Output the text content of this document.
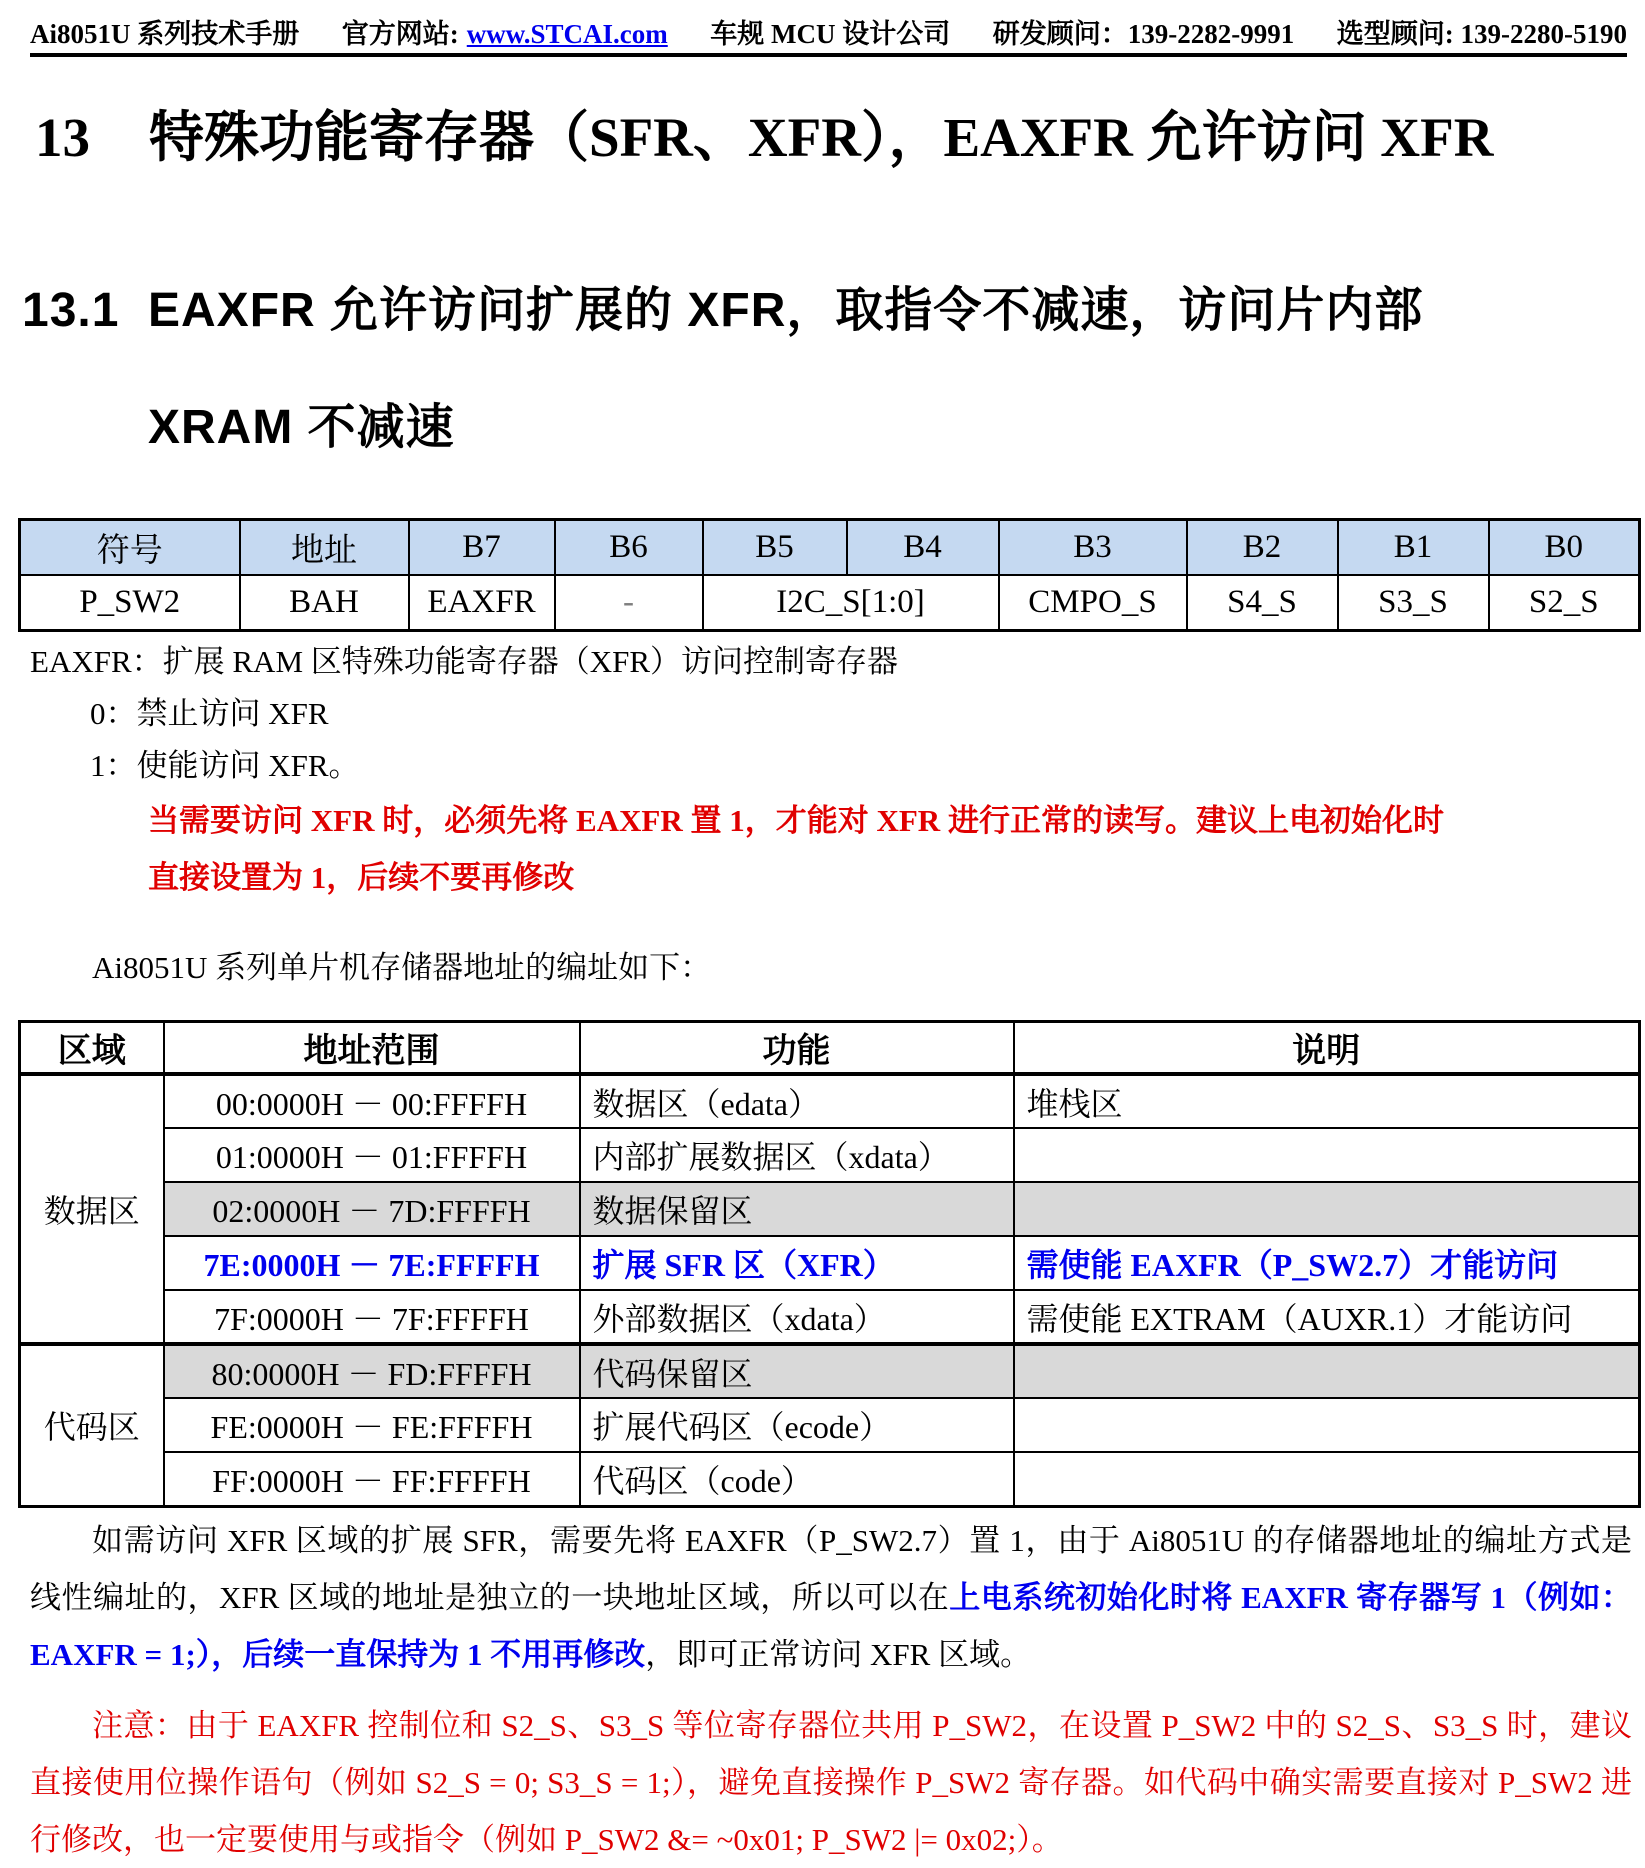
Ai8051U 系列技术手册 官方网站: www.STCAI.com 车规 MCU 设计公司 研发顾问：139-2282-9991 选型顾问: 139-2280-5190
13	特殊功能寄存器（SFR、XFR），EAXFR 允许访问 XFR
13.1 EAXFR 允许访问扩展的 XFR，取指令不减速，访问片内部
XRAM 不减速
符号	地址	B7	B6	B5	B4	B3	B2	B1	B0
P_SW2	BAH	EAXFR	-	I2C_S[1:0]		CMPO_S	S4_S	S3_S	S2_S
EAXFR：扩展 RAM 区特殊功能寄存器（XFR）访问控制寄存器
0：禁止访问 XFR
1：使能访问 XFR。
当需要访问 XFR 时，必须先将 EAXFR 置 1，才能对 XFR 进行正常的读写。建议上电初始化时
直接设置为 1，后续不要再修改
Ai8051U 系列单片机存储器地址的编址如下：
区域	地址范围	功能	说明
数据区	00:0000H － 00:FFFFH	数据区（edata）	堆栈区
	01:0000H － 01:FFFFH	内部扩展数据区（xdata）	
	02:0000H － 7D:FFFFH	数据保留区	
	7E:0000H － 7E:FFFFH	扩展 SFR 区（XFR）	需使能 EAXFR（P_SW2.7）才能访问
	7F:0000H － 7F:FFFFH	外部数据区（xdata）	需使能 EXTRAM（AUXR.1）才能访问
代码区	80:0000H － FD:FFFFH	代码保留区	
	FE:0000H － FE:FFFFH	扩展代码区（ecode）	
	FF:0000H － FF:FFFFH	代码区（code）	

如需访问 XFR 区域的扩展 SFR，需要先将 EAXFR（P_SW2.7）置 1，由于 Ai8051U 的存储器地址的编址方式是线性编址的，XFR 区域的地址是独立的一块地址区域，所以可以在上电系统初始化时将 EAXFR 寄存器写 1（例如：EAXFR = 1;），后续一直保持为 1 不用再修改，即可正常访问 XFR 区域。

注意：由于 EAXFR 控制位和 S2_S、S3_S 等位寄存器位共用 P_SW2，在设置 P_SW2 中的 S2_S、S3_S 时，建议直接使用位操作语句（例如 S2_S = 0; S3_S = 1;），避免直接操作 P_SW2 寄存器。如代码中确实需要直接对 P_SW2 进行修改，也一定要使用与或指令（例如 P_SW2 &= ~0x01; P_SW2 |= 0x02;）。
